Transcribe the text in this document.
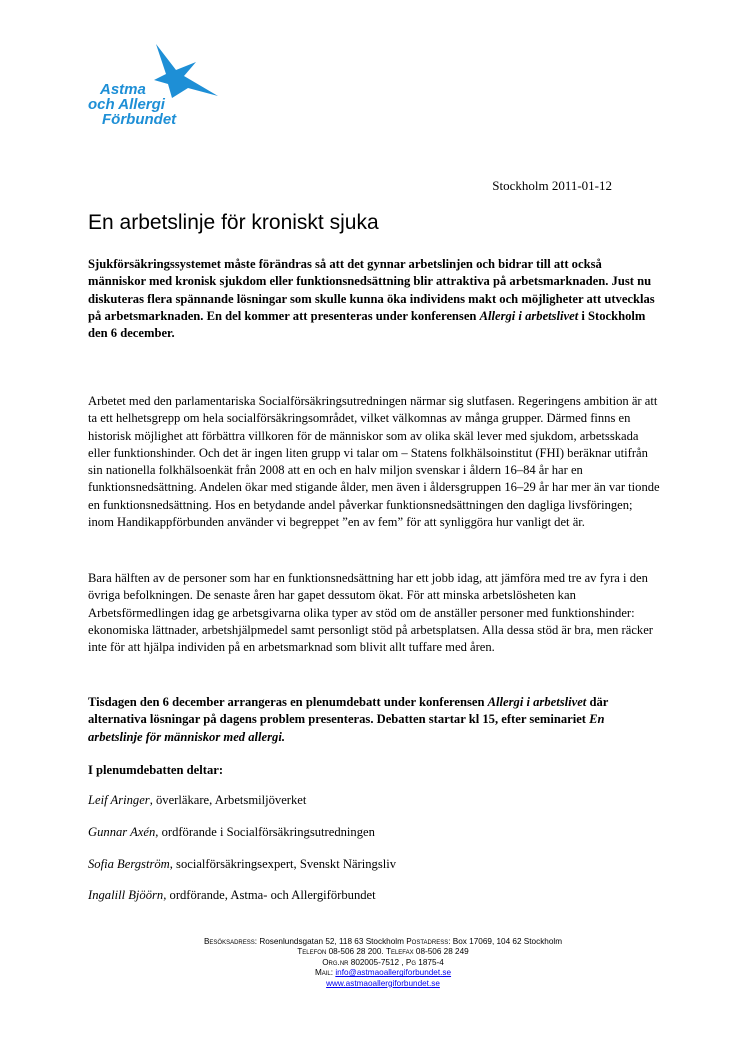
Astma
och Allergi
Förbundet
Stockholm 2011-01-12
En arbetslinje för kroniskt sjuka
Sjukförsäkringssystemet måste förändras så att det gynnar arbetslinjen och bidrar till att också människor med kronisk sjukdom eller funktionsnedsättning blir attraktiva på arbetsmarknaden. Just nu diskuteras flera spännande lösningar som skulle kunna öka individens makt och möjligheter att utvecklas på arbetsmarknaden. En del kommer att presenteras under konferensen Allergi i arbetslivet i Stockholm den 6 december.
Arbetet med den parlamentariska Socialförsäkringsutredningen närmar sig slutfasen. Regeringens ambition är att ta ett helhetsgrepp om hela socialförsäkringsområdet, vilket välkomnas av många grupper. Därmed finns en historisk möjlighet att förbättra villkoren för de människor som av olika skäl lever med sjukdom, arbetsskada eller funktionshinder. Och det är ingen liten grupp vi talar om – Statens folkhälsoinstitut (FHI) beräknar utifrån sin nationella folkhälsoenkät från 2008 att en och en halv miljon svenskar i åldern 16–84 år har en funktionsnedsättning. Andelen ökar med stigande ålder, men även i åldersgruppen 16–29 år har mer än var tionde en funktionsnedsättning. Hos en betydande andel påverkar funktionsnedsättningen den dagliga livsföringen; inom Handikappförbunden använder vi begreppet ”en av fem” för att synliggöra hur vanligt det är.
Bara hälften av de personer som har en funktionsnedsättning har ett jobb idag, att jämföra med tre av fyra i den övriga befolkningen. De senaste åren har gapet dessutom ökat. För att minska arbetslösheten kan Arbetsförmedlingen idag ge arbetsgivarna olika typer av stöd om de anställer personer med funktionshinder: ekonomiska lättnader, arbetshjälpmedel samt personligt stöd på arbetsplatsen. Alla dessa stöd är bra, men räcker inte för att hjälpa individen på en arbetsmarknad som blivit allt tuffare med åren.
Tisdagen den 6 december arrangeras en plenumdebatt under konferensen Allergi i arbetslivet där alternativa lösningar på dagens problem presenteras. Debatten startar kl 15, efter seminariet En arbetslinje för människor med allergi.
I plenumdebatten deltar:
Leif Aringer, överläkare, Arbetsmiljöverket
Gunnar Axén, ordförande i Socialförsäkringsutredningen
Sofia Bergström, socialförsäkringsexpert, Svenskt Näringsliv
Ingalill Bjöörn, ordförande, Astma- och Allergiförbundet
Besöksadress: Rosenlundsgatan 52, 118 63 Stockholm Postadress: Box 17069, 104 62 Stockholm
Telefon 08-506 28 200. Telefax 08-506 28 249
Org.nr 802005-7512 , Pg 1875-4
Mail: info@astmaoallergiforbundet.se
www.astmaoallergiforbundet.se
